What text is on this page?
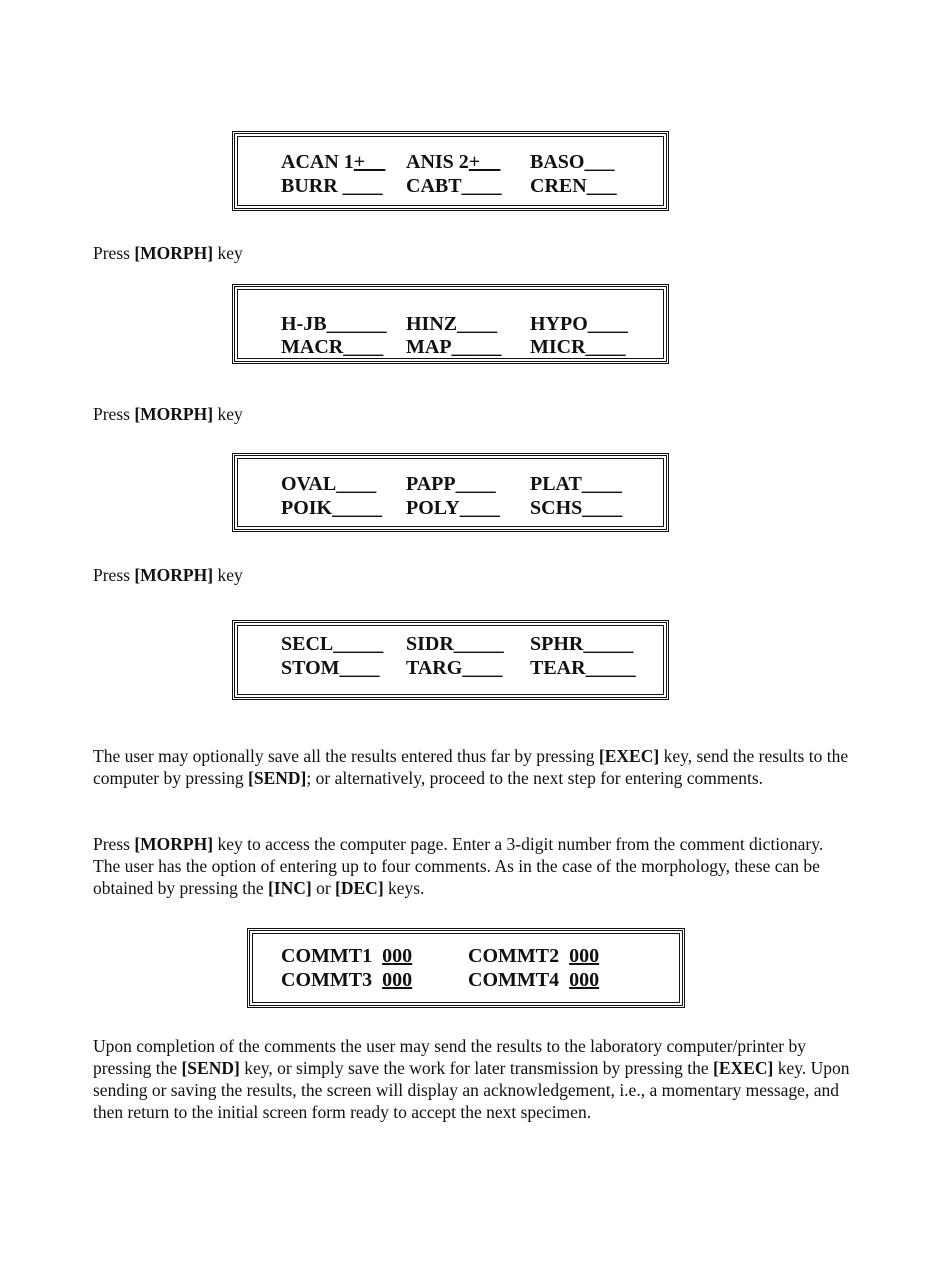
ACAN 1+__ ANIS 2+__ BASO___
BURR ____ CABT____ CREN___

Press [MORPH] key

H-JB______ HINZ____ HYPO____
MACR____ MAP_____ MICR____

Press [MORPH] key

OVAL____ PAPP____ PLAT____
POIK_____ POLY____ SCHS____

Press [MORPH] key

SECL_____ SIDR_____ SPHR_____
STOM____ TARG____ TEAR_____

The user may optionally save all the results entered thus far by pressing [EXEC] key, send the results to the computer by pressing [SEND]; or alternatively, proceed to the next step for entering comments.

Press [MORPH] key to access the computer page. Enter a 3-digit number from the comment dictionary. The user has the option of entering up to four comments. As in the case of the morphology, these can be obtained by pressing the [INC] or [DEC] keys.

COMMT1 000	COMMT2 000
COMMT3 000	COMMT4 000

Upon completion of the comments the user may send the results to the laboratory computer/printer by pressing the [SEND] key, or simply save the work for later transmission by pressing the [EXEC] key. Upon sending or saving the results, the screen will display an acknowledgement, i.e., a momentary message, and then return to the initial screen form ready to accept the next specimen.
